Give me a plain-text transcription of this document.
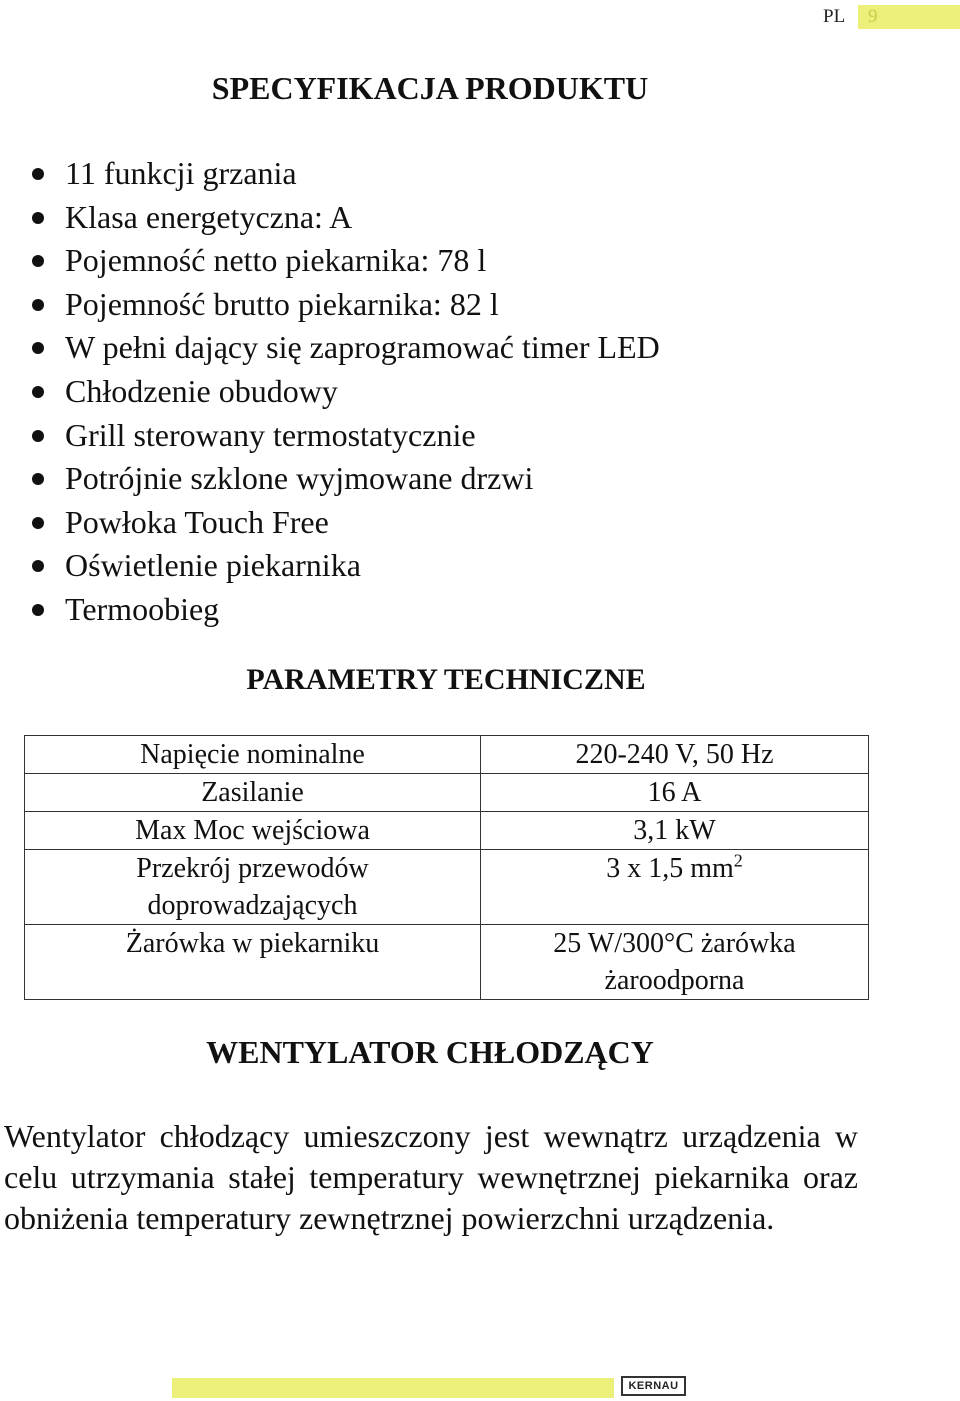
PL 9
SPECYFIKACJA PRODUKTU
11 funkcji grzania
Klasa energetyczna: A
Pojemność netto piekarnika: 78 l
Pojemność brutto piekarnika: 82 l
W pełni dający się zaprogramować timer LED
Chłodzenie obudowy
Grill sterowany termostatycznie
Potrójnie szklone wyjmowane drzwi
Powłoka Touch Free
Oświetlenie piekarnika
Termoobieg
PARAMETRY TECHNICZNE
Napięcie nominalne	220-240 V, 50 Hz
Zasilanie	16 A
Max Moc wejściowa	3,1 kW
Przekrój przewodów
doprowadzających	3 x 1,5 $mm^2$
Żarówka w piekarniku	25 W/300°C żarówka
żaroodporna
WENTYLATOR CHŁODZĄCY

Wentylator chłodzący umieszczony jest wewnątrz urządzenia w celu utrzymania stałej temperatury wewnętrznej piekarnika oraz obniżenia temperatury zewnętrznej powierzchni urządzenia.

KERNAU
